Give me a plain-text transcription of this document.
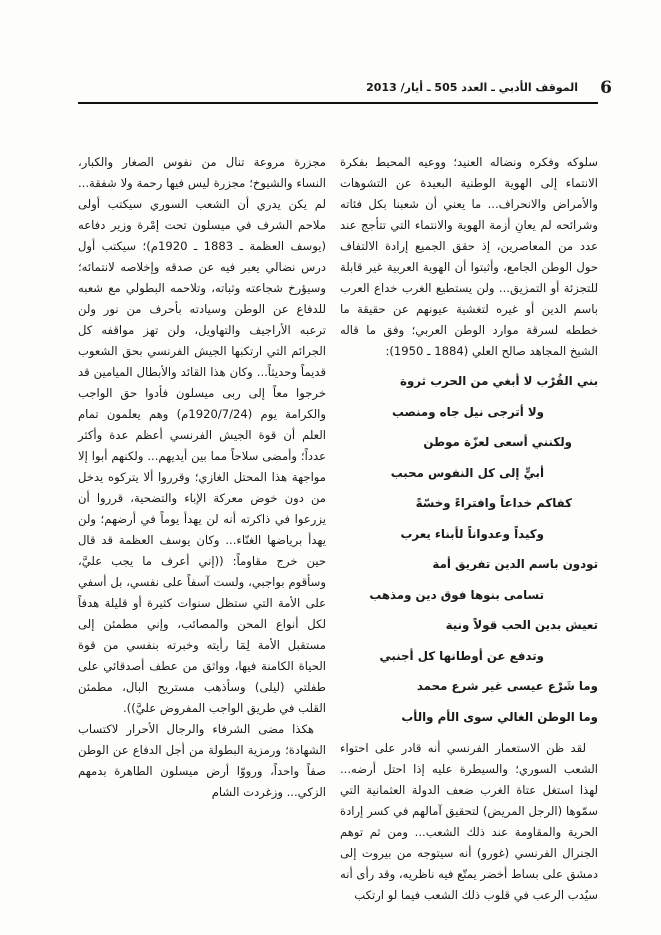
6
الموقف الأدبي ـ العدد 505 ـ أيار/ 2013

سلوكه وفكره ونضاله العنيد؛ ووعيه المحيط بفكرة الانتماء إلى الهوية الوطنية البعيدة عن التشوهات والأمراض والانحراف... ما يعني أن شعبنا بكل فئاته وشرائحه لم يعانِ أزمة الهوية والانتماء التي تتأجج عند عدد من المعاصرين، إذ حقق الجميع إرادة الالتفاف حول الوطن الجامع، وأثبتوا أن الهوية العربية غير قابلة للتجزئة أو التمزيق... ولن يستطيع الغرب خداع العرب باسم الدين أو غيره لتغشية عيونهم عن حقيقة ما خططه لسرقة موارد الوطن العربي؛ وفق ما قاله الشيخ المجاهد صالح العلي (1884 ـ 1950):

بني القُرْب لا أبغي من الحرب ثروة
ولا أترجى نيل جاه ومنصب
ولكنني أسعى لعزّة موطن
أبيٍّ إلى كل النفوس محبب
كفاكم خداعاً وافتراءً وخسّةً
وكيداً وعدواناً لأبناء يعرب
تودون باسم الدين تفريق أمة
تسامى بنوها فوق دين ومذهب
تعيش بدين الحب قولاً ونية
وتدفع عن أوطانها كل أجنبي
وما شَرْع عيسى غير شرع محمد
وما الوطن الغالي سوى الأم والأب

لقد ظن الاستعمار الفرنسي أنه قادر على احتواء الشعب السوري؛ والسيطرة عليه إذا احتل أرضه... لهذا استغل عتاة الغرب ضعف الدولة العثمانية التي سمّوها (الرجل المريض) لتحقيق آمالهم في كسر إرادة الحرية والمقاومة عند ذلك الشعب... ومن ثم توهم الجنرال الفرنسي (غورو) أنه سيتوجه من بيروت إلى دمشق على بساط أخضر يمتّع فيه ناظريه، وقد رأى أنه سيُدب الرعب في قلوب ذلك الشعب فيما لو ارتكب

مجزرة مروعة تنال من نفوس الصغار والكبار، النساء والشيوخ؛ مجزرة ليس فيها رحمة ولا شفقة... لم يكن يدري أن الشعب السوري سيكتب أولى ملاحم الشرف في ميسلون تحت إمْرة وزير دفاعه (يوسف العظمة ـ 1883 ـ 1920م)؛ سيكتب أول درس نضالي يعبر فيه عن صدقه وإخلاصه لانتمائه؛ وسيؤرخ شجاعته وثباته، وتلاحمه البطولي مع شعبه للدفاع عن الوطن وسيادته بأحرف من نور ولن ترعبه الأراجيف والتهاويل، ولن تهز مواقفه كل الجرائم التي ارتكبها الجيش الفرنسي بحق الشعوب قديماً وحديثاً... وكان هذا القائد والأبطال الميامين قد خرجوا معاً إلى ربى ميسلون فأدوا حق الواجب والكرامة يوم (1920/7/24م) وهم يعلمون تمام العلم أن قوة الجيش الفرنسي أعظم عدة وأكثر عدداً؛ وأمضى سلاحاً مما بين أيديهم... ولكنهم أبوا إلا مواجهة هذا المحتل الغازي؛ وقرروا ألا يتركوه يدخل من دون خوض معركة الإباء والتضحية، قرروا أن يزرعوا في ذاكرته أنه لن يهدأ يوماً في أرضهم؛ ولن يهدأ برياضها الغنّاء... وكان يوسف العظمة قد قال حين خرج مقاوماً: ((إني أعرف ما يجب عليَّ، وسأقوم بواجبي، ولست آسفاً على نفسي، بل أسفي على الأمة التي ستظل سنوات كثيرة أو قليلة هدفاً لكل أنواع المحن والمصائب، وإني مطمئن إلى مستقبل الأمة لِمَا رأيته وخبرته بنفسي من قوة الحياة الكامنة فيها، وواثق من عطف أصدقائي على طفلتي (ليلى) وسأذهب مستريح البال، مطمئن القلب في طريق الواجب المفروض عليَّ)).

هكذا مضى الشرفاء والرجال الأحرار لاكتساب الشهادة؛ ورمزية البطولة من أجل الدفاع عن الوطن صفاً واحداً، ورووّا أرض ميسلون الطاهرة بدمهم الزكي... وزغردت الشام
